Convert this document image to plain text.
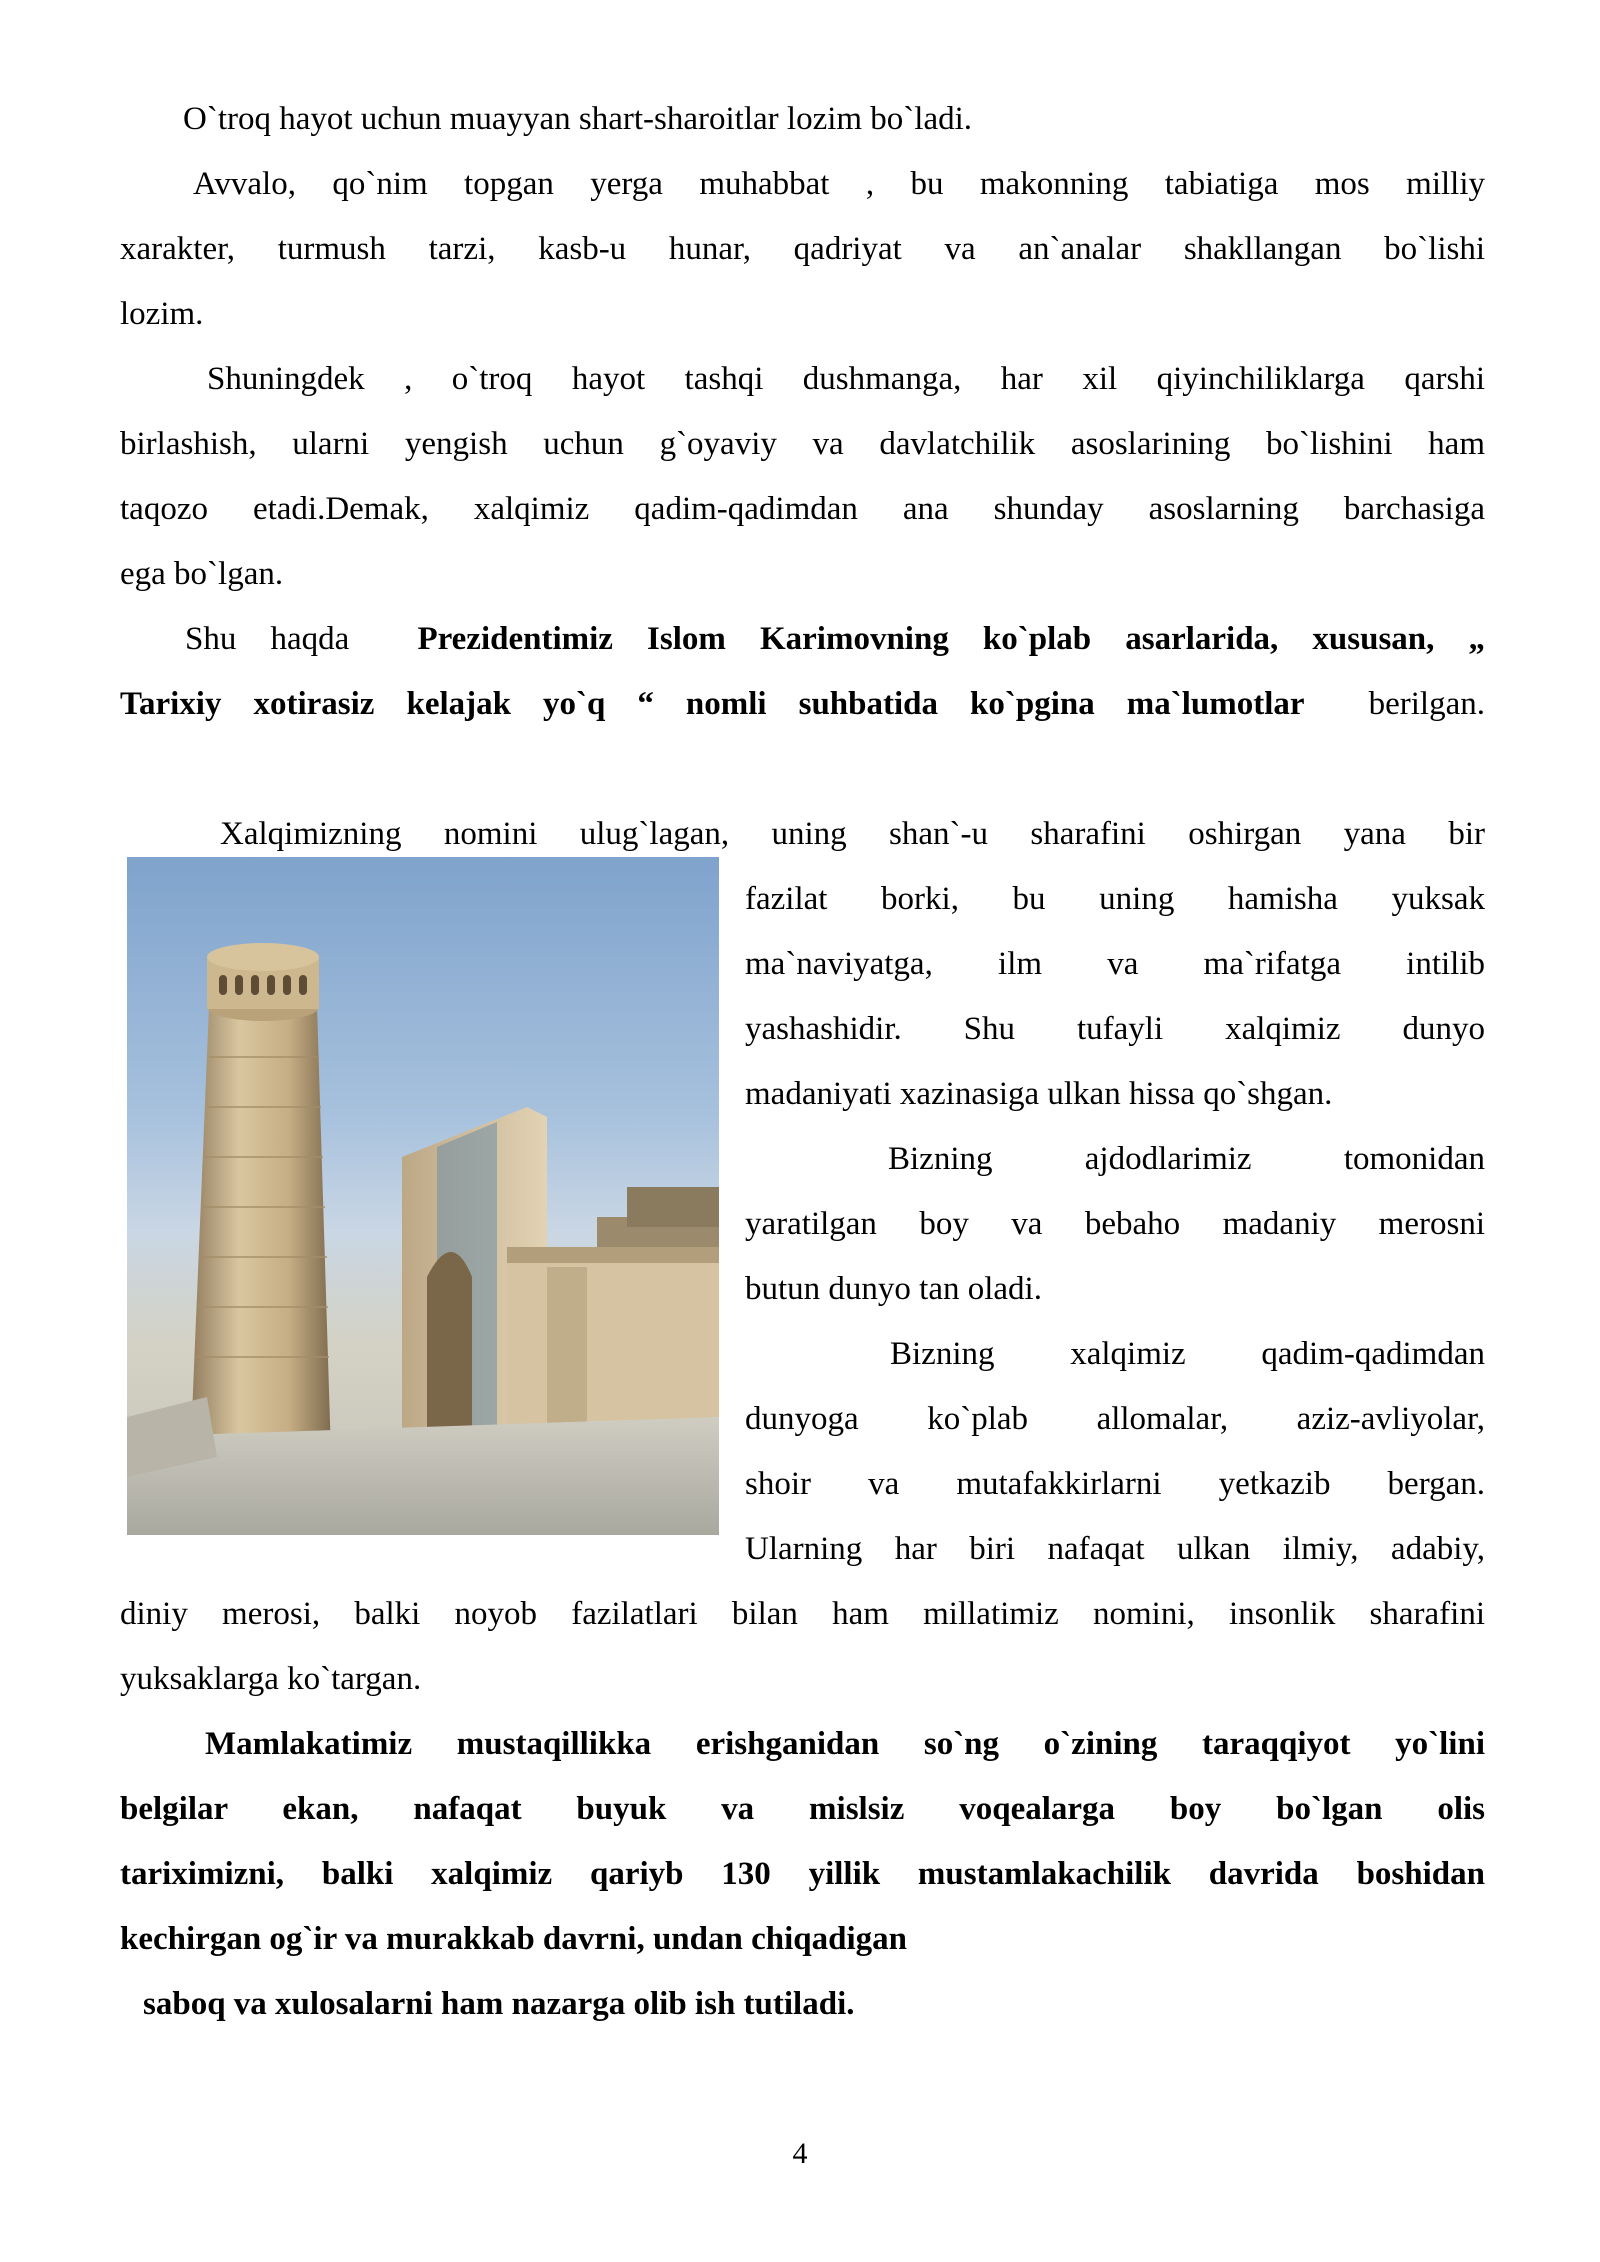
O`troq hayot uchun muayyan shart-sharoitlar lozim bo`ladi.
Avvalo, qo`nim topgan yerga muhabbat , bu makonning tabiatiga mos milliy
xarakter, turmush tarzi, kasb-u hunar, qadriyat va an`analar shakllangan bo`lishi
lozim.
Shuningdek , o`troq hayot tashqi dushmanga, har xil qiyinchiliklarga qarshi
birlashish, ularni yengish uchun g`oyaviy va davlatchilik asoslarining bo`lishini ham
taqozo etadi.Demak, xalqimiz qadim-qadimdan ana shunday asoslarning barchasiga
ega bo`lgan.
Shu haqda Prezidentimiz Islom Karimovning ko`plab asarlarida, xususan, „
Tarixiy xotirasiz kelajak yo`q “ nomli suhbatida ko`pgina ma`lumotlar berilgan.
Xalqimizning nomini ulug`lagan, uning shan`-u sharafini oshirgan yana bir
fazilat borki, bu uning hamisha yuksak
ma`naviyatga, ilm va ma`rifatga intilib
yashashidir. Shu tufayli xalqimiz dunyo
madaniyati xazinasiga ulkan hissa qo`shgan.
Bizning ajdodlarimiz tomonidan
yaratilgan boy va bebaho madaniy merosni
butun dunyo tan oladi.
Bizning xalqimiz qadim-qadimdan
dunyoga ko`plab allomalar, aziz-avliyolar,
shoir va mutafakkirlarni yetkazib bergan.
Ularning har biri nafaqat ulkan ilmiy, adabiy,
diniy merosi, balki noyob fazilatlari bilan ham millatimiz nomini, insonlik sharafini
yuksaklarga ko`targan.
Mamlakatimiz mustaqillikka erishganidan so`ng o`zining taraqqiyot yo`lini
belgilar ekan, nafaqat buyuk va mislsiz voqealarga boy bo`lgan olis
tariximizni, balki xalqimiz qariyb 130 yillik mustamlakachilik davrida boshidan
kechirgan og`ir va murakkab davrni, undan chiqadigan
saboq va xulosalarni ham nazarga olib ish tutiladi.
4
